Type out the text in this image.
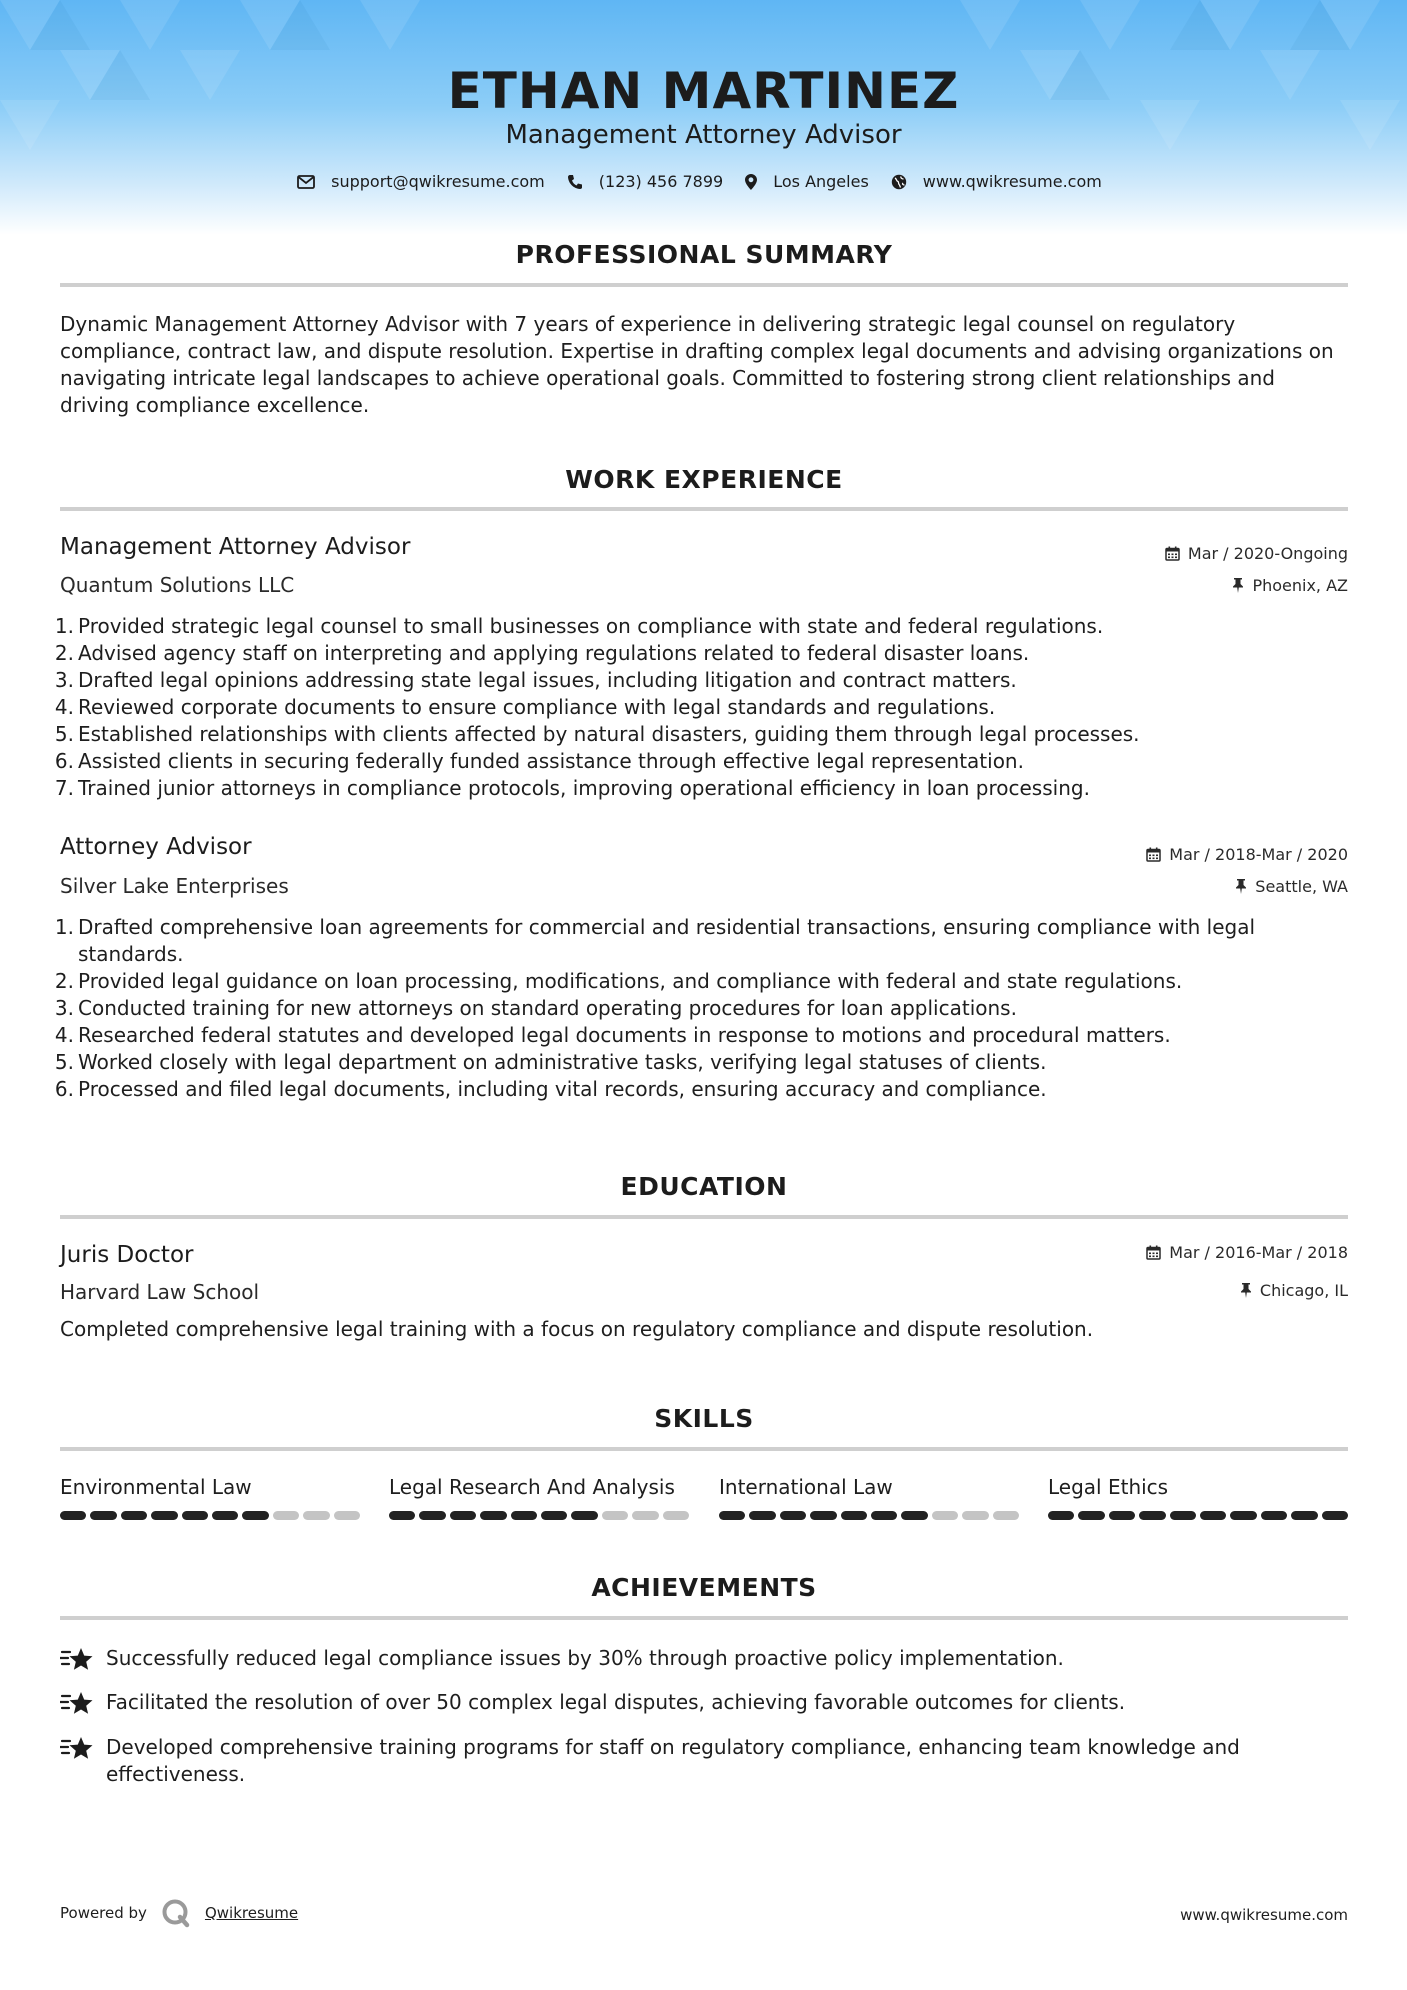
ETHAN MARTINEZ
Management Attorney Advisor
support@qwikresume.com	(123) 456 7899	Los Angeles	www.qwikresume.com
PROFESSIONAL SUMMARY
Dynamic Management Attorney Advisor with 7 years of experience in delivering strategic legal counsel on regulatory compliance, contract law, and dispute resolution. Expertise in drafting complex legal documents and advising organizations on navigating intricate legal landscapes to achieve operational goals. Committed to fostering strong client relationships and driving compliance excellence.
WORK EXPERIENCE
Management Attorney Advisor	Mar / 2020-Ongoing
Quantum Solutions LLC	Phoenix, AZ
1. Provided strategic legal counsel to small businesses on compliance with state and federal regulations.
2. Advised agency staff on interpreting and applying regulations related to federal disaster loans.
3. Drafted legal opinions addressing state legal issues, including litigation and contract matters.
4. Reviewed corporate documents to ensure compliance with legal standards and regulations.
5. Established relationships with clients affected by natural disasters, guiding them through legal processes.
6. Assisted clients in securing federally funded assistance through effective legal representation.
7. Trained junior attorneys in compliance protocols, improving operational efficiency in loan processing.
Attorney Advisor	Mar / 2018-Mar / 2020
Silver Lake Enterprises	Seattle, WA
1. Drafted comprehensive loan agreements for commercial and residential transactions, ensuring compliance with legal standards.
2. Provided legal guidance on loan processing, modifications, and compliance with federal and state regulations.
3. Conducted training for new attorneys on standard operating procedures for loan applications.
4. Researched federal statutes and developed legal documents in response to motions and procedural matters.
5. Worked closely with legal department on administrative tasks, verifying legal statuses of clients.
6. Processed and filed legal documents, including vital records, ensuring accuracy and compliance.
EDUCATION
Juris Doctor	Mar / 2016-Mar / 2018
Harvard Law School	Chicago, IL
Completed comprehensive legal training with a focus on regulatory compliance and dispute resolution.
SKILLS
Environmental Law	Legal Research And Analysis	International Law	Legal Ethics
ACHIEVEMENTS
Successfully reduced legal compliance issues by 30% through proactive policy implementation.
Facilitated the resolution of over 50 complex legal disputes, achieving favorable outcomes for clients.
Developed comprehensive training programs for staff on regulatory compliance, enhancing team knowledge and effectiveness.
Powered by	Qwikresume	www.qwikresume.com
